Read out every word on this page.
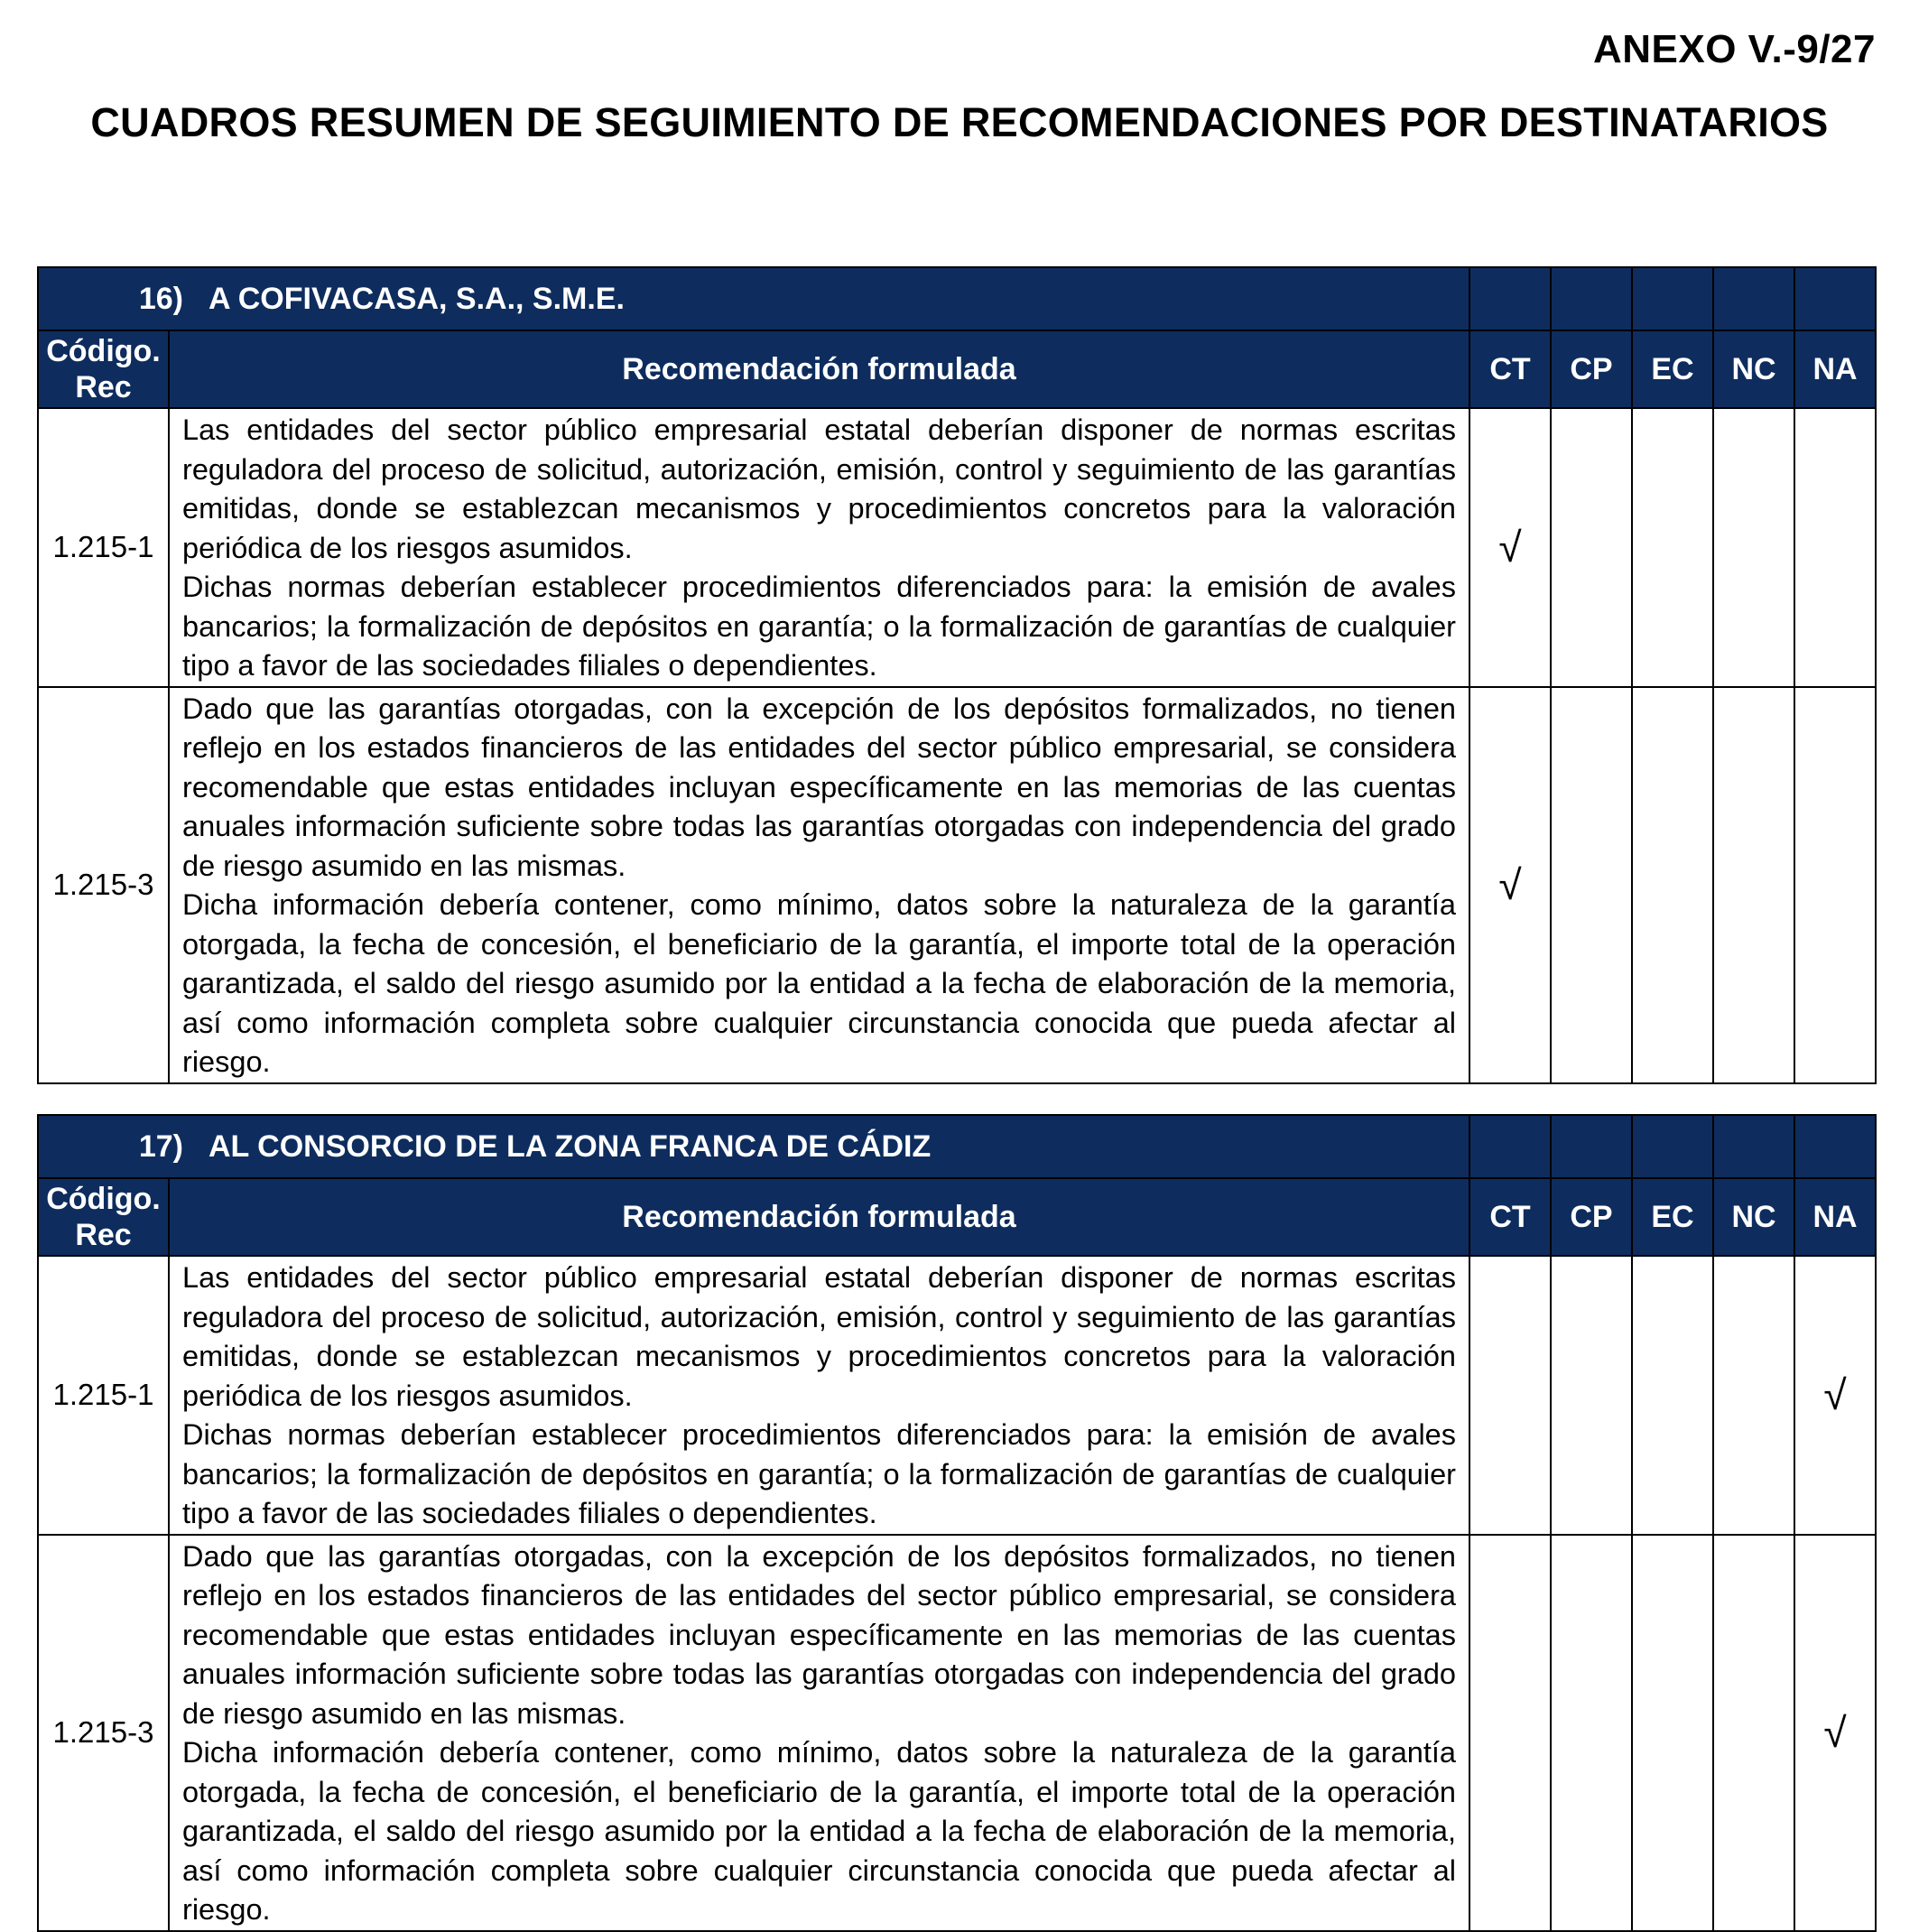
ANEXO V.-9/27
CUADROS RESUMEN DE SEGUIMIENTO DE RECOMENDACIONES POR DESTINATARIOS
16) A COFIVACASA, S.A., S.M.E.						
Código. Rec	Recomendación formulada	CT	CP	EC	NC	NA
1.215-1	Las entidades del sector público empresarial estatal deberían disponer de normas escritas reguladora del proceso de solicitud, autorización, emisión, control y seguimiento de las garantías emitidas, donde se establezcan mecanismos y procedimientos concretos para la valoración periódica de los riesgos asumidos.

Dichas normas deberían establecer procedimientos diferenciados para: la emisión de avales bancarios; la formalización de depósitos en garantía; o la formalización de garantías de cualquier tipo a favor de las sociedades filiales o dependientes.	√				
1.215-3	Dado que las garantías otorgadas, con la excepción de los depósitos formalizados, no tienen reflejo en los estados financieros de las entidades del sector público empresarial, se considera recomendable que estas entidades incluyan específicamente en las memorias de las cuentas anuales información suficiente sobre todas las garantías otorgadas con independencia del grado de riesgo asumido en las mismas.

Dicha información debería contener, como mínimo, datos sobre la naturaleza de la garantía otorgada, la fecha de concesión, el beneficiario de la garantía, el importe total de la operación garantizada, el saldo del riesgo asumido por la entidad a la fecha de elaboración de la memoria, así como información completa sobre cualquier circunstancia conocida que pueda afectar al riesgo.	√				
17) AL CONSORCIO DE LA ZONA FRANCA DE CÁDIZ						
Código. Rec	Recomendación formulada	CT	CP	EC	NC	NA
1.215-1	Las entidades del sector público empresarial estatal deberían disponer de normas escritas reguladora del proceso de solicitud, autorización, emisión, control y seguimiento de las garantías emitidas, donde se establezcan mecanismos y procedimientos concretos para la valoración periódica de los riesgos asumidos.

Dichas normas deberían establecer procedimientos diferenciados para: la emisión de avales bancarios; la formalización de depósitos en garantía; o la formalización de garantías de cualquier tipo a favor de las sociedades filiales o dependientes.					√
1.215-3	Dado que las garantías otorgadas, con la excepción de los depósitos formalizados, no tienen reflejo en los estados financieros de las entidades del sector público empresarial, se considera recomendable que estas entidades incluyan específicamente en las memorias de las cuentas anuales información suficiente sobre todas las garantías otorgadas con independencia del grado de riesgo asumido en las mismas.

Dicha información debería contener, como mínimo, datos sobre la naturaleza de la garantía otorgada, la fecha de concesión, el beneficiario de la garantía, el importe total de la operación garantizada, el saldo del riesgo asumido por la entidad a la fecha de elaboración de la memoria, así como información completa sobre cualquier circunstancia conocida que pueda afectar al riesgo.					√
